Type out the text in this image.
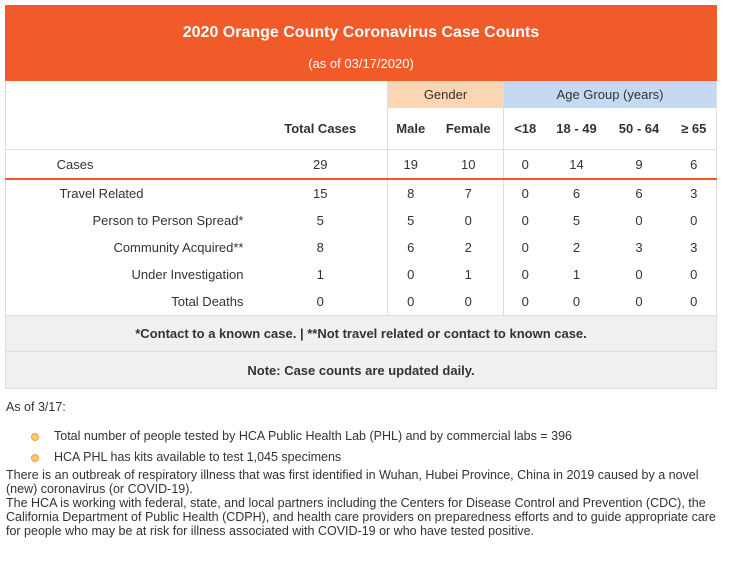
2020 Orange County Coronavirus Case Counts
(as of 03/17/2020)							

		Gender		Age Group (years)			
	Total Cases	Male	Female	<18	18 - 49	50 - 64	≥ 65
Cases	29	19	10	0	14	9	6
Travel Related	15	8	7	0	6	6	3
Person to Person Spread*	5	5	0	0	5	0	0
Community Acquired**	8	6	2	0	2	3	3
Under Investigation	1	0	1	0	1	0	0
Total Deaths	0	0	0	0	0	0	0
*Contact to a known case. | **Not travel related or contact to known case.							
Note: Case counts are updated daily.							

As of 3/17:

Total number of people tested by HCA Public Health Lab (PHL) and by commercial labs = 396
HCA PHL has kits available to test 1,045 specimens

There is an outbreak of respiratory illness that was first identified in Wuhan, Hubei Province, China in 2019 caused by a novel (new) coronavirus (or COVID-19).

The HCA is working with federal, state, and local partners including the Centers for Disease Control and Prevention (CDC), the California Department of Public Health (CDPH), and health care providers on preparedness efforts and to guide appropriate care for people who may be at risk for illness associated with COVID-19 or who have tested positive.
